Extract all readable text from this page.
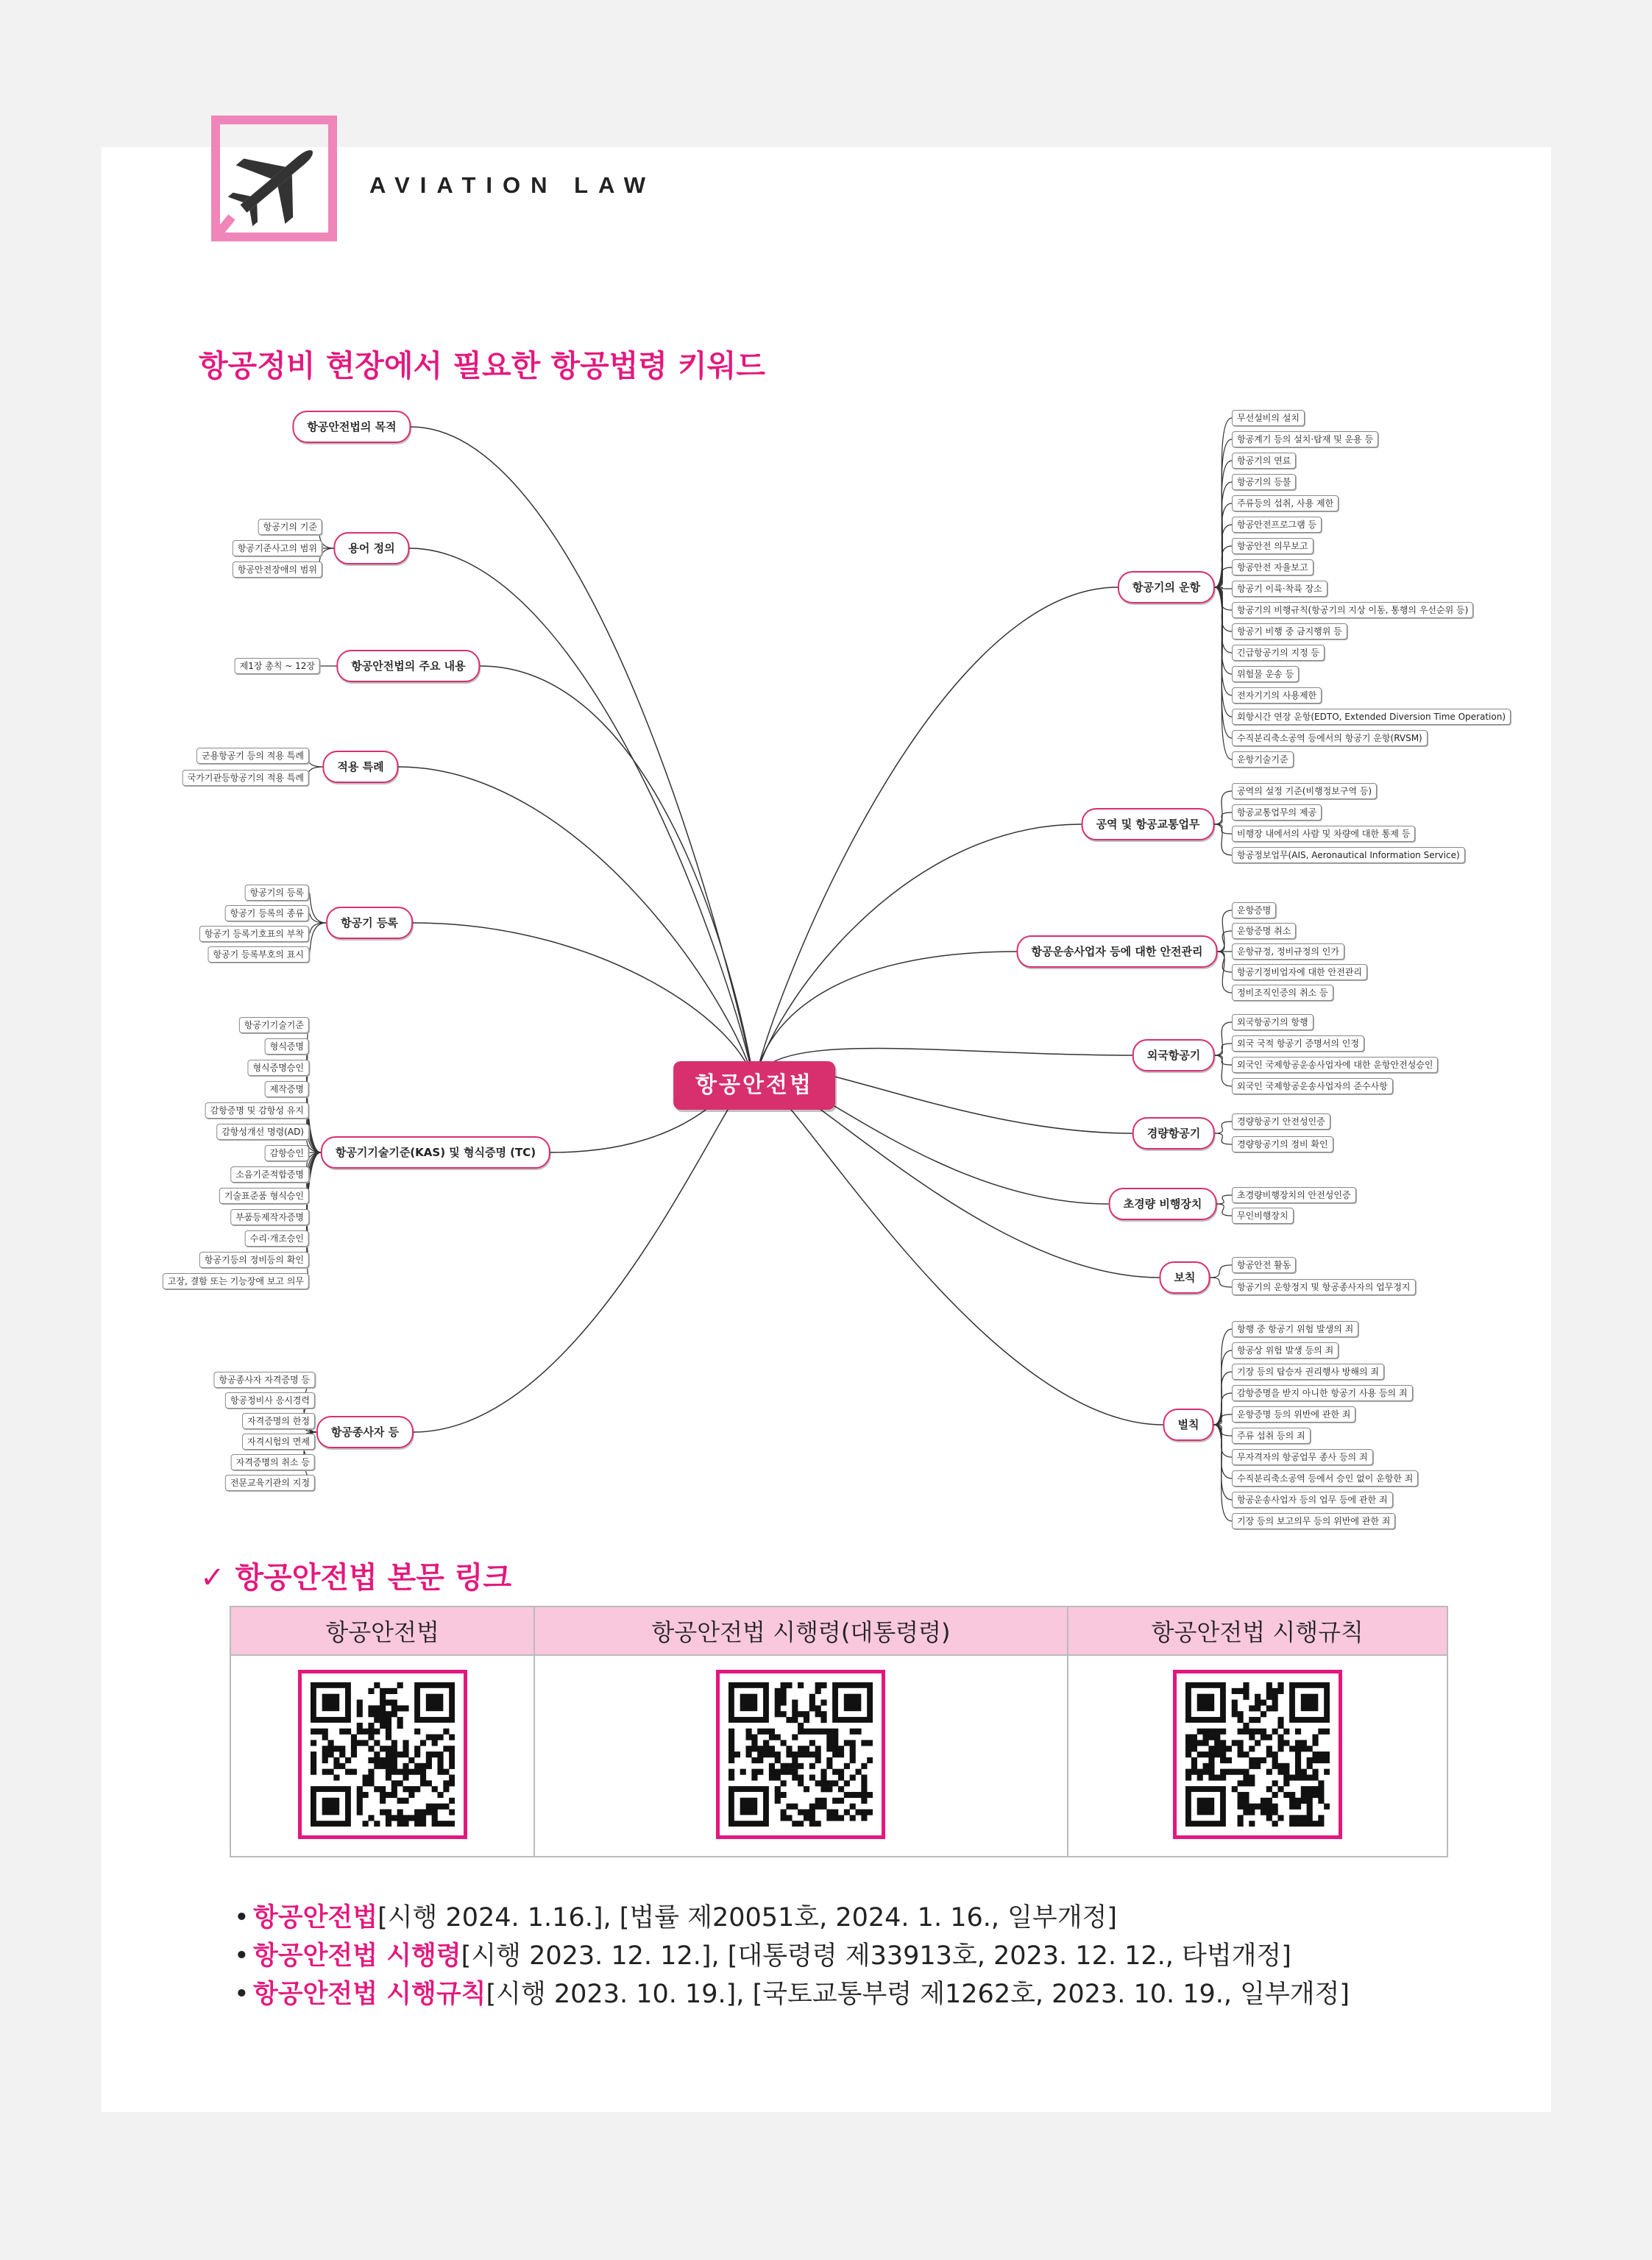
AVIATION LAW
항공정비 현장에서 필요한 항공법령 키워드
항공안전법의 목적
용어 정의
항공기의 기준
항공기준사고의 범위
항공안전장애의 범위
항공안전법의 주요 내용
제1장 총칙 ~ 12장
적용 특례
군용항공기 등의 적용 특례
국가기관등항공기의 적용 특례
항공기 등록
항공기의 등록
항공기 등록의 종류
항공기 등록기호표의 부착
항공기 등록부호의 표시
항공기기술기준(KAS) 및 형식증명 (TC)
항공기기술기준
형식증명
형식증명승인
제작증명
감항증명 및 감항성 유지
감항성개선 명령(AD)
감항승인
소음기준적합증명
기술표준품 형식승인
부품등제작자증명
수리·개조승인
항공기등의 정비등의 확인
고장, 결함 또는 기능장애 보고 의무
항공종사자 등
항공종사자 자격증명 등
항공정비사 응시경력
자격증명의 한정
자격시험의 면제
자격증명의 취소 등
전문교육기관의 지정
항공기의 운항
무선설비의 설치
항공계기 등의 설치·탑재 및 운용 등
항공기의 연료
항공기의 등불
주류등의 섭취, 사용 제한
항공안전프로그램 등
항공안전 의무보고
항공안전 자율보고
항공기 이륙·착륙 장소
항공기의 비행규칙(항공기의 지상 이동, 통행의 우선순위 등)
항공기 비행 중 금지행위 등
긴급항공기의 지정 등
위험물 운송 등
전자기기의 사용제한
회항시간 연장 운항(EDTO, Extended Diversion Time Operation)
수직분리축소공역 등에서의 항공기 운항(RVSM)
운항기술기준
공역 및 항공교통업무
공역의 설정 기준(비행정보구역 등)
항공교통업무의 제공
비행장 내에서의 사람 및 차량에 대한 통제 등
항공정보업무(AIS, Aeronautical Information Service)
항공운송사업자 등에 대한 안전관리
운항증명
운항증명 취소
운항규정, 정비규정의 인가
항공기정비업자에 대한 안전관리
정비조직인증의 취소 등
외국항공기
외국항공기의 항행
외국 국적 항공기 증명서의 인정
외국인 국제항공운송사업자에 대한 운항안전성승인
외국인 국제항공운송사업자의 준수사항
경량항공기
경량항공기 안전성인증
경량항공기의 정비 확인
초경량 비행장치
초경량비행장치의 안전성인증
무인비행장치
보칙
항공안전 활동
항공기의 운항정지 및 항공종사자의 업무정지
벌칙
항행 중 항공기 위험 발생의 죄
항공상 위험 발생 등의 죄
기장 등의 탑승자 권리행사 방해의 죄
감항증명을 받지 아니한 항공기 사용 등의 죄
운항증명 등의 위반에 관한 죄
주류 섭취 등의 죄
무자격자의 항공업무 종사 등의 죄
수직분리축소공역 등에서 승인 없이 운항한 죄
항공운송사업자 등의 업무 등에 관한 죄
기장 등의 보고의무 등의 위반에 관한 죄
항공안전법
✓ 항공안전법 본문 링크
항공안전법	항공안전법 시행령(대통령령)	항공안전법 시행규칙

• 항공안전법[시행 2024. 1.16.], [법률 제20051호, 2024. 1. 16., 일부개정]
• 항공안전법 시행령[시행 2023. 12. 12.], [대통령령 제33913호, 2023. 12. 12., 타법개정]
• 항공안전법 시행규칙[시행 2023. 10. 19.], [국토교통부령 제1262호, 2023. 10. 19., 일부개정]
